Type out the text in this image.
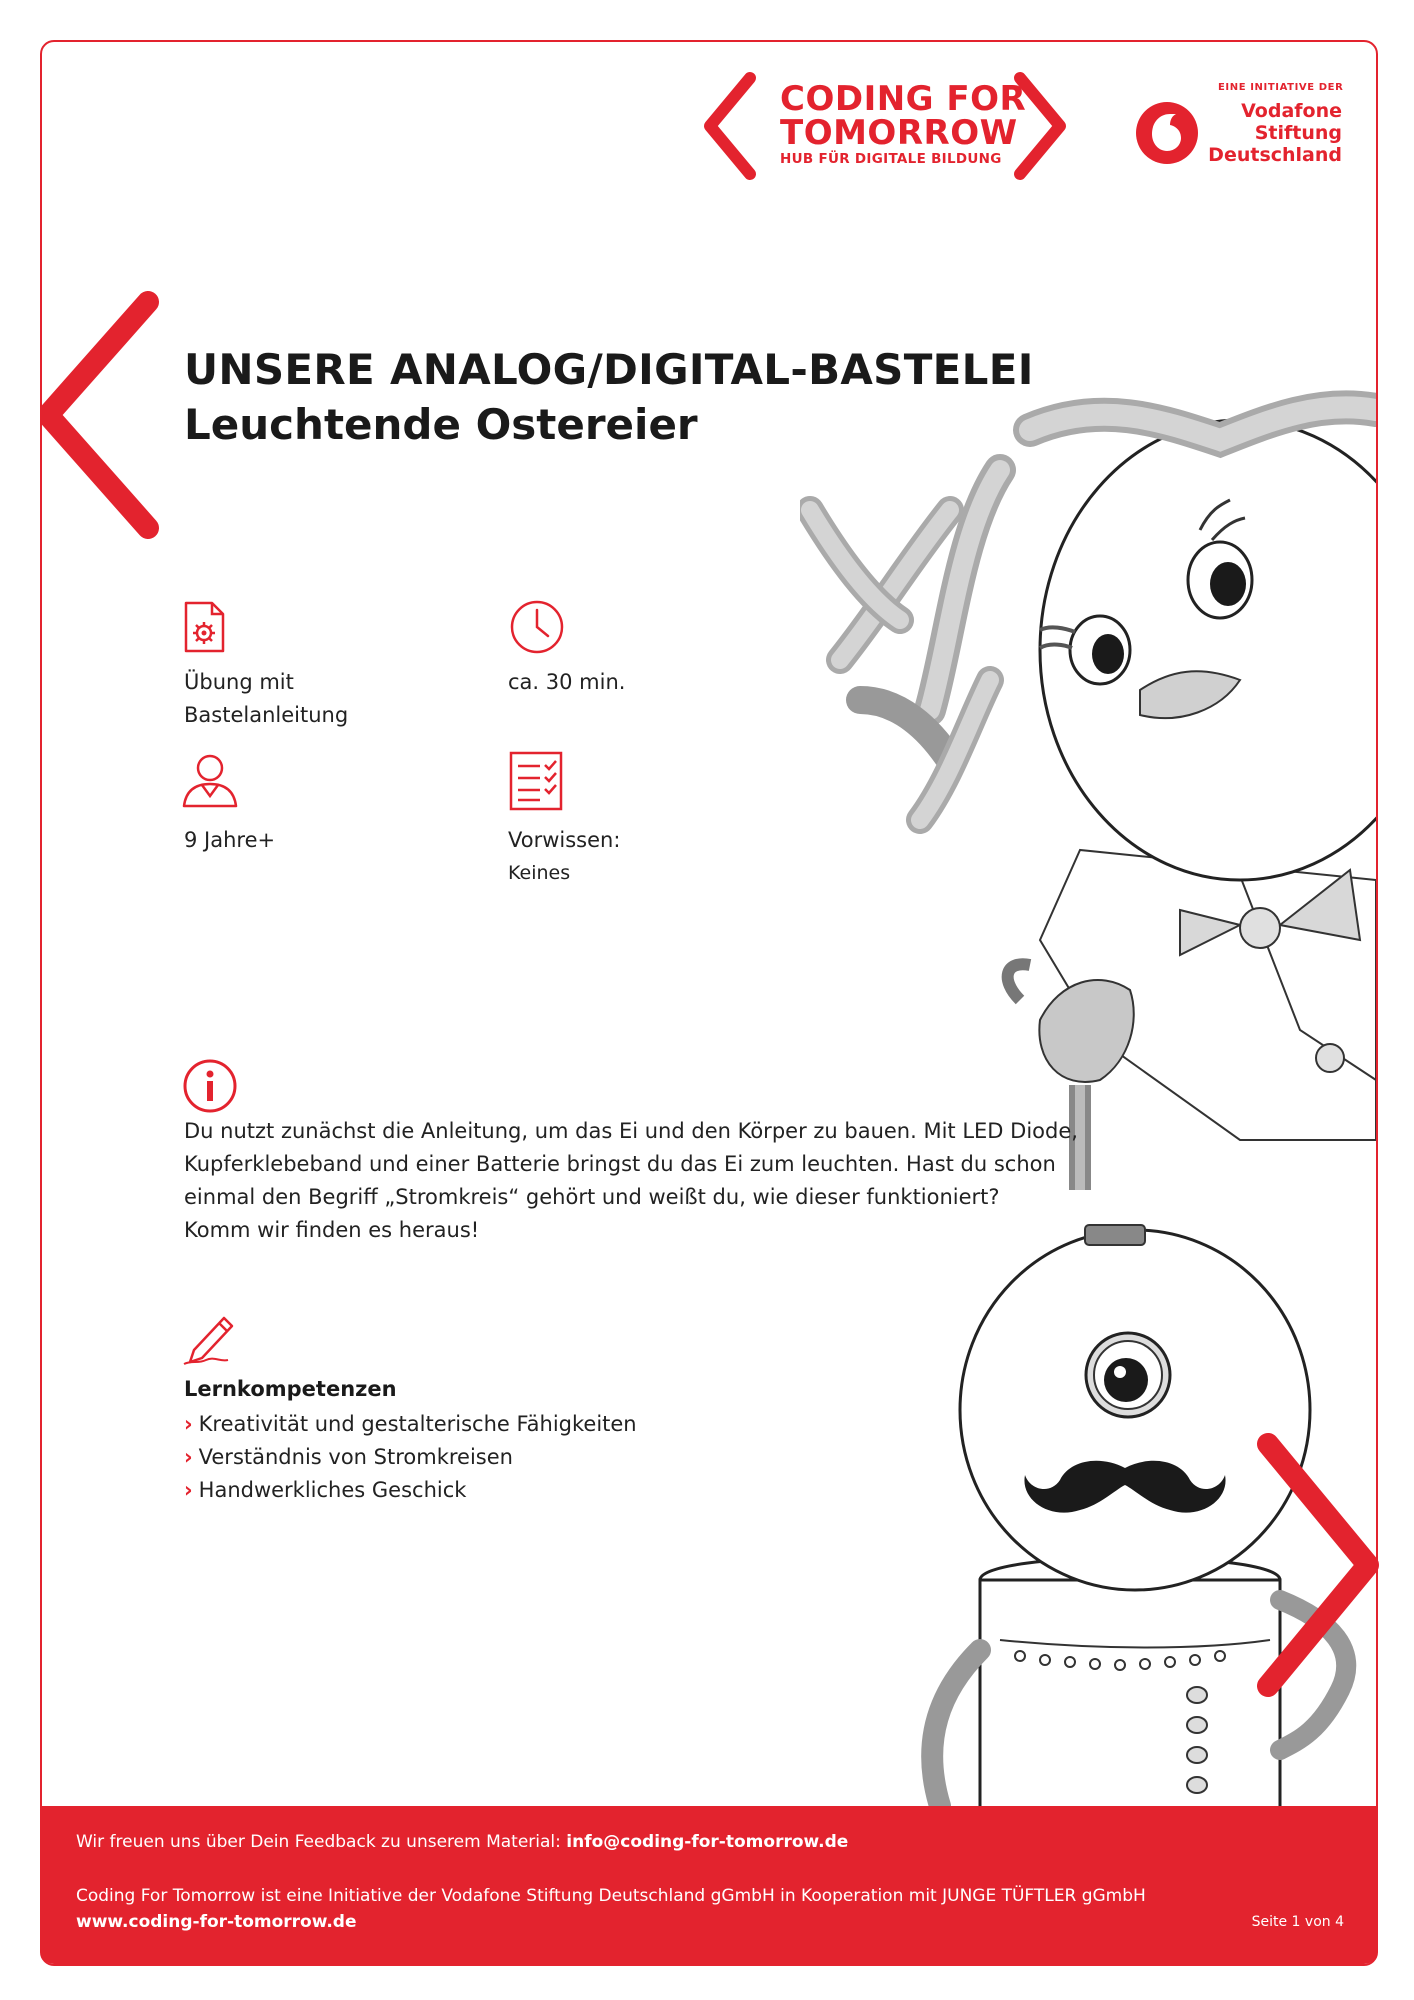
CODING FOR
TOMORROW
HUB FÜR DIGITALE BILDUNG
EINE INITIATIVE DER
Vodafone
Stiftung
Deutschland
UNSERE ANALOG/DIGITAL-BASTELEI
Leuchtende Ostereier
Übung mit
Bastelanleitung
ca. 30 min.
9 Jahre+	Vorwissen:
Keines
Du nutzt zunächst die Anleitung, um das Ei und den Körper zu bauen. Mit LED Diode,
Kupferklebeband und einer Batterie bringst du das Ei zum leuchten. Hast du schon
einmal den Begriff „Stromkreis“ gehört und weißt du, wie dieser funktioniert?
Komm wir finden es heraus!
Lernkompetenzen
› Kreativität und gestalterische Fähigkeiten
› Verständnis von Stromkreisen
› Handwerkliches Geschick
Wir freuen uns über Dein Feedback zu unserem Material: info@coding-for-tomorrow.de
Coding For Tomorrow ist eine Initiative der Vodafone Stiftung Deutschland gGmbH in Kooperation mit JUNGE TÜFTLER gGmbH
www.coding-for-tomorrow.de	Seite 1 von 4
